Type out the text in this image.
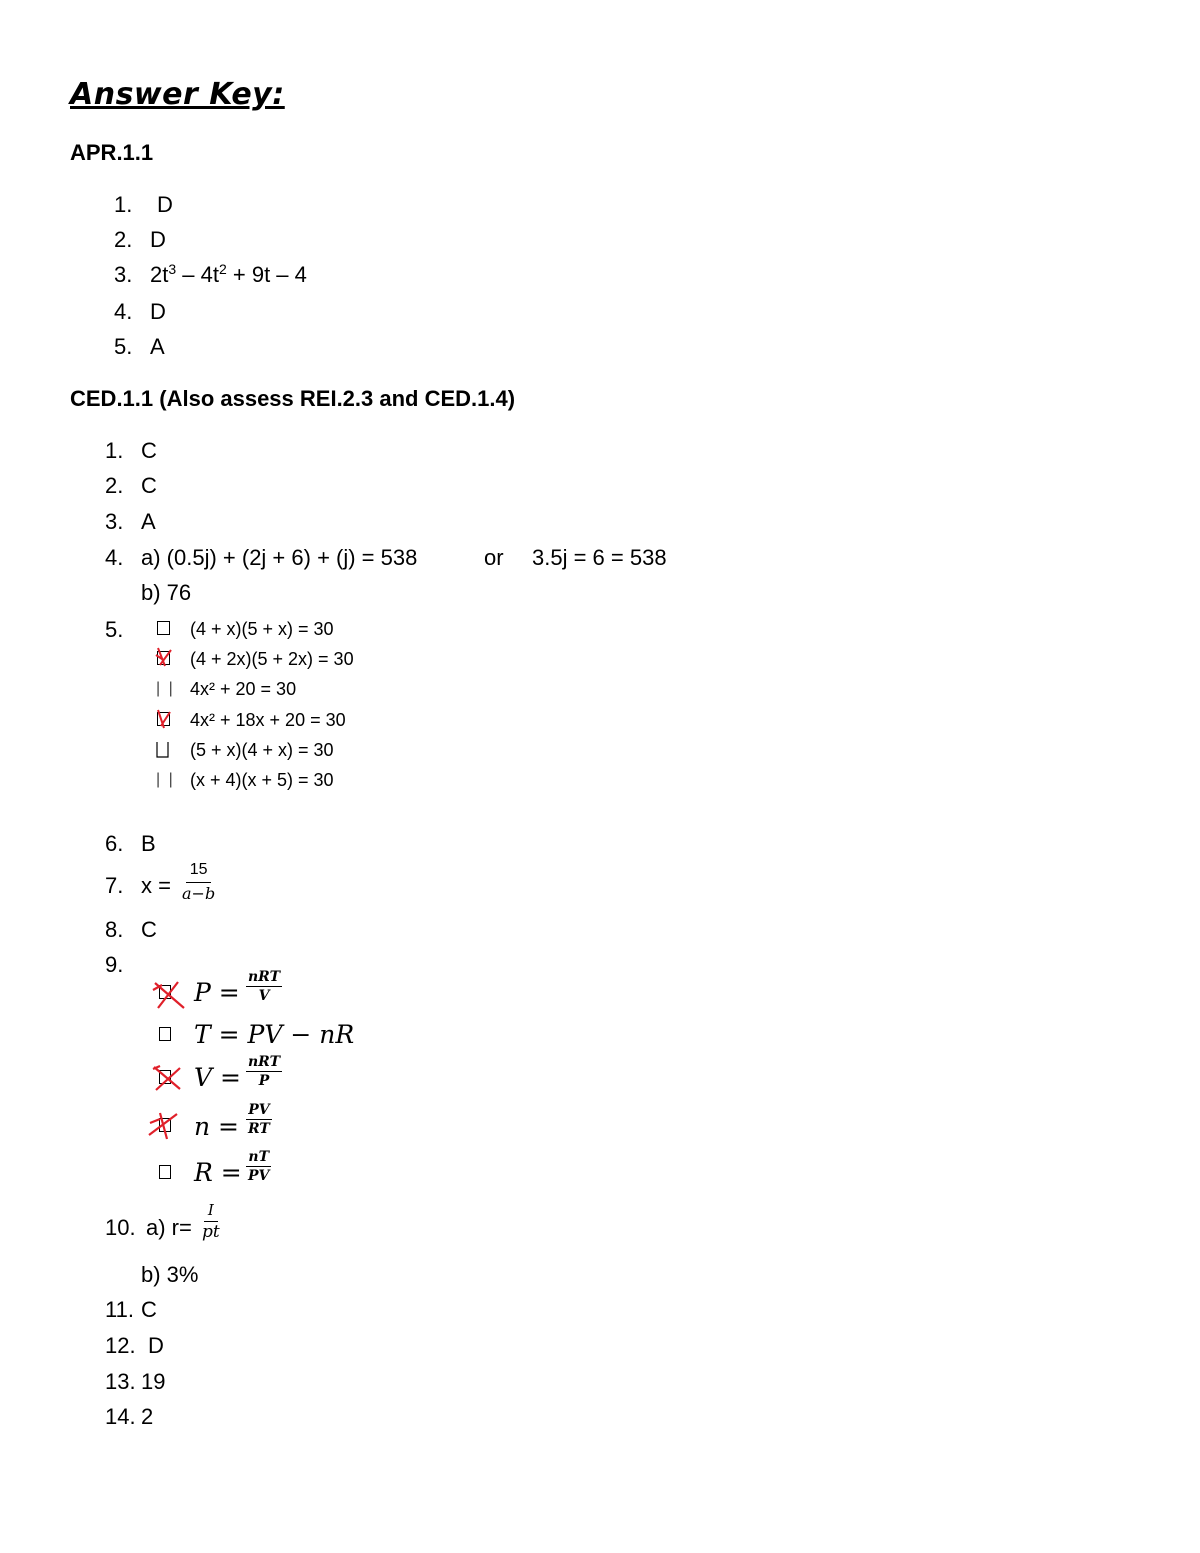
Answer Key:
APR.1.1
1. D
2. D
3. $2t^3 - 4t^2 + 9t - 4$
4. D
5. A
CED.1.1 (Also assess REI.2.3 and CED.1.4)
1. C
2. C
3. A
4. a) (0.5j) + (2j + 6) + (j) = 538	or 3.5j = 6 = 538
b) 76
5.	(4 + x)(5 + x) = 30
(4 + 2x)(5 + 2x) = 30
| | 4x² + 20 = 30
4x² + 18x + 20 = 30
(5 + x)(4 + x) = 30
| | (x + 4)(x + 5) = 30
6. B
7. $x = \frac{15}{a-b}$
8. C
9.
$P = \frac{\text{nRT}}{V}$
T = PV − nR
$V = \frac{\text{nRT}}{P}$
$n = \frac{PV}{RT}$
$R = \frac{nT}{PV}$
10. a) $r= \frac{I}{pt}$
b) 3%
11. C
12. D
13. 19
14. 2
